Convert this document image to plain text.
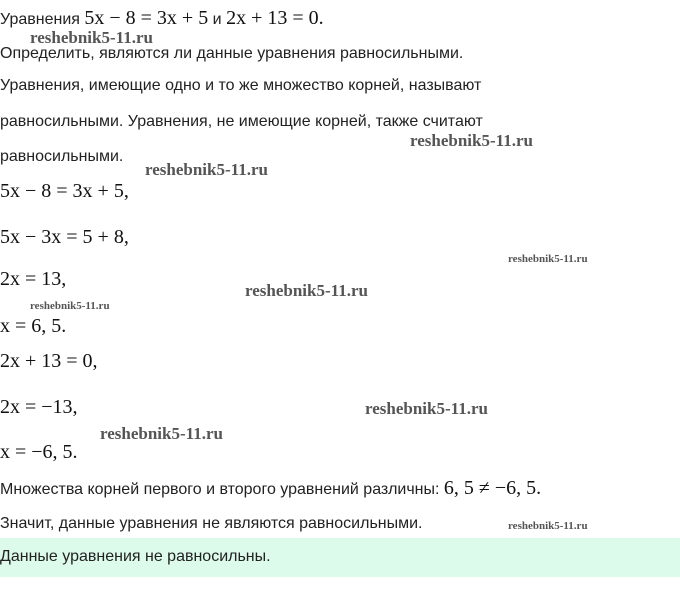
Уравнения 5x − 8 = 3x + 5 и 2x + 13 = 0.
reshebnik5-11.ru
Определить, являются ли данные уравнения равносильными.
Уравнения, имеющие одно и то же множество корней, называют
равносильными. Уравнения, не имеющие корней, также считают
reshebnik5-11.ru
равносильными.
reshebnik5-11.ru
5x − 8 = 3x + 5,
5x − 3x = 5 + 8,
reshebnik5-11.ru
2x = 13,
reshebnik5-11.ru
reshebnik5-11.ru
x = 6, 5.
2x + 13 = 0,
reshebnik5-11.ru
2x = −13,
reshebnik5-11.ru
x = −6, 5.
Множества корней первого и второго уравнений различны: 6, 5 ≠ −6, 5.
Значит, данные уравнения не являются равносильными.	reshebnik5-11.ru
Данные уравнения не равносильны.
